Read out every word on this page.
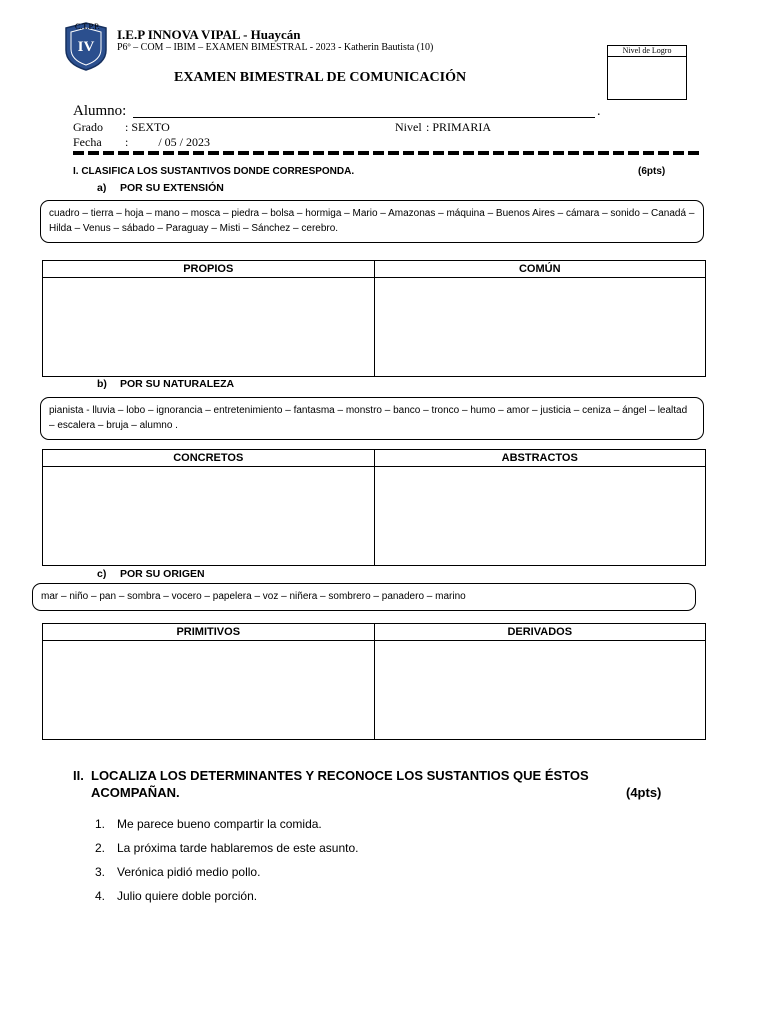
IV
C.T.P.P.
I.E.P INNOVA VIPAL - Huaycán
P6º – COM – IBIM – EXAMEN BIMESTRAL - 2023 - Katherin Bautista (10)	Nivel de Logro
EXAMEN BIMESTRAL DE COMUNICACIÓN
Alumno:	.
Grado : SEXTO	Nivel : PRIMARIA
Fecha :          / 05 / 2023
I. CLASIFICA LOS SUSTANTIVOS DONDE CORRESPONDA.	(6pts)
a) POR SU EXTENSIÓN
cuadro – tierra – hoja – mano – mosca – piedra – bolsa – hormiga – Mario – Amazonas – máquina – Buenos Aires – cámara – sonido – Canadá – Hilda – Venus – sábado – Paraguay – Misti – Sánchez – cerebro.
PROPIOS	COMÚN

b) POR SU NATURALEZA
pianista - lluvia – lobo – ignorancia – entretenimiento – fantasma – monstro – banco – tronco – humo – amor – justicia – ceniza – ángel – lealtad – escalera – bruja – alumno .
CONCRETOS	ABSTRACTOS

c) POR SU ORIGEN
mar – niño – pan – sombra – vocero – papelera – voz – niñera – sombrero – panadero – marino
PRIMITIVOS	DERIVADOS

II. LOCALIZA LOS DETERMINANTES Y RECONOCE LOS SUSTANTIOS QUE ÉSTOS
ACOMPAÑAN.	(4pts)
1. Me parece bueno compartir la comida.
2. La próxima tarde hablaremos de este asunto.
3. Verónica pidió medio pollo.
4. Julio quiere doble porción.
